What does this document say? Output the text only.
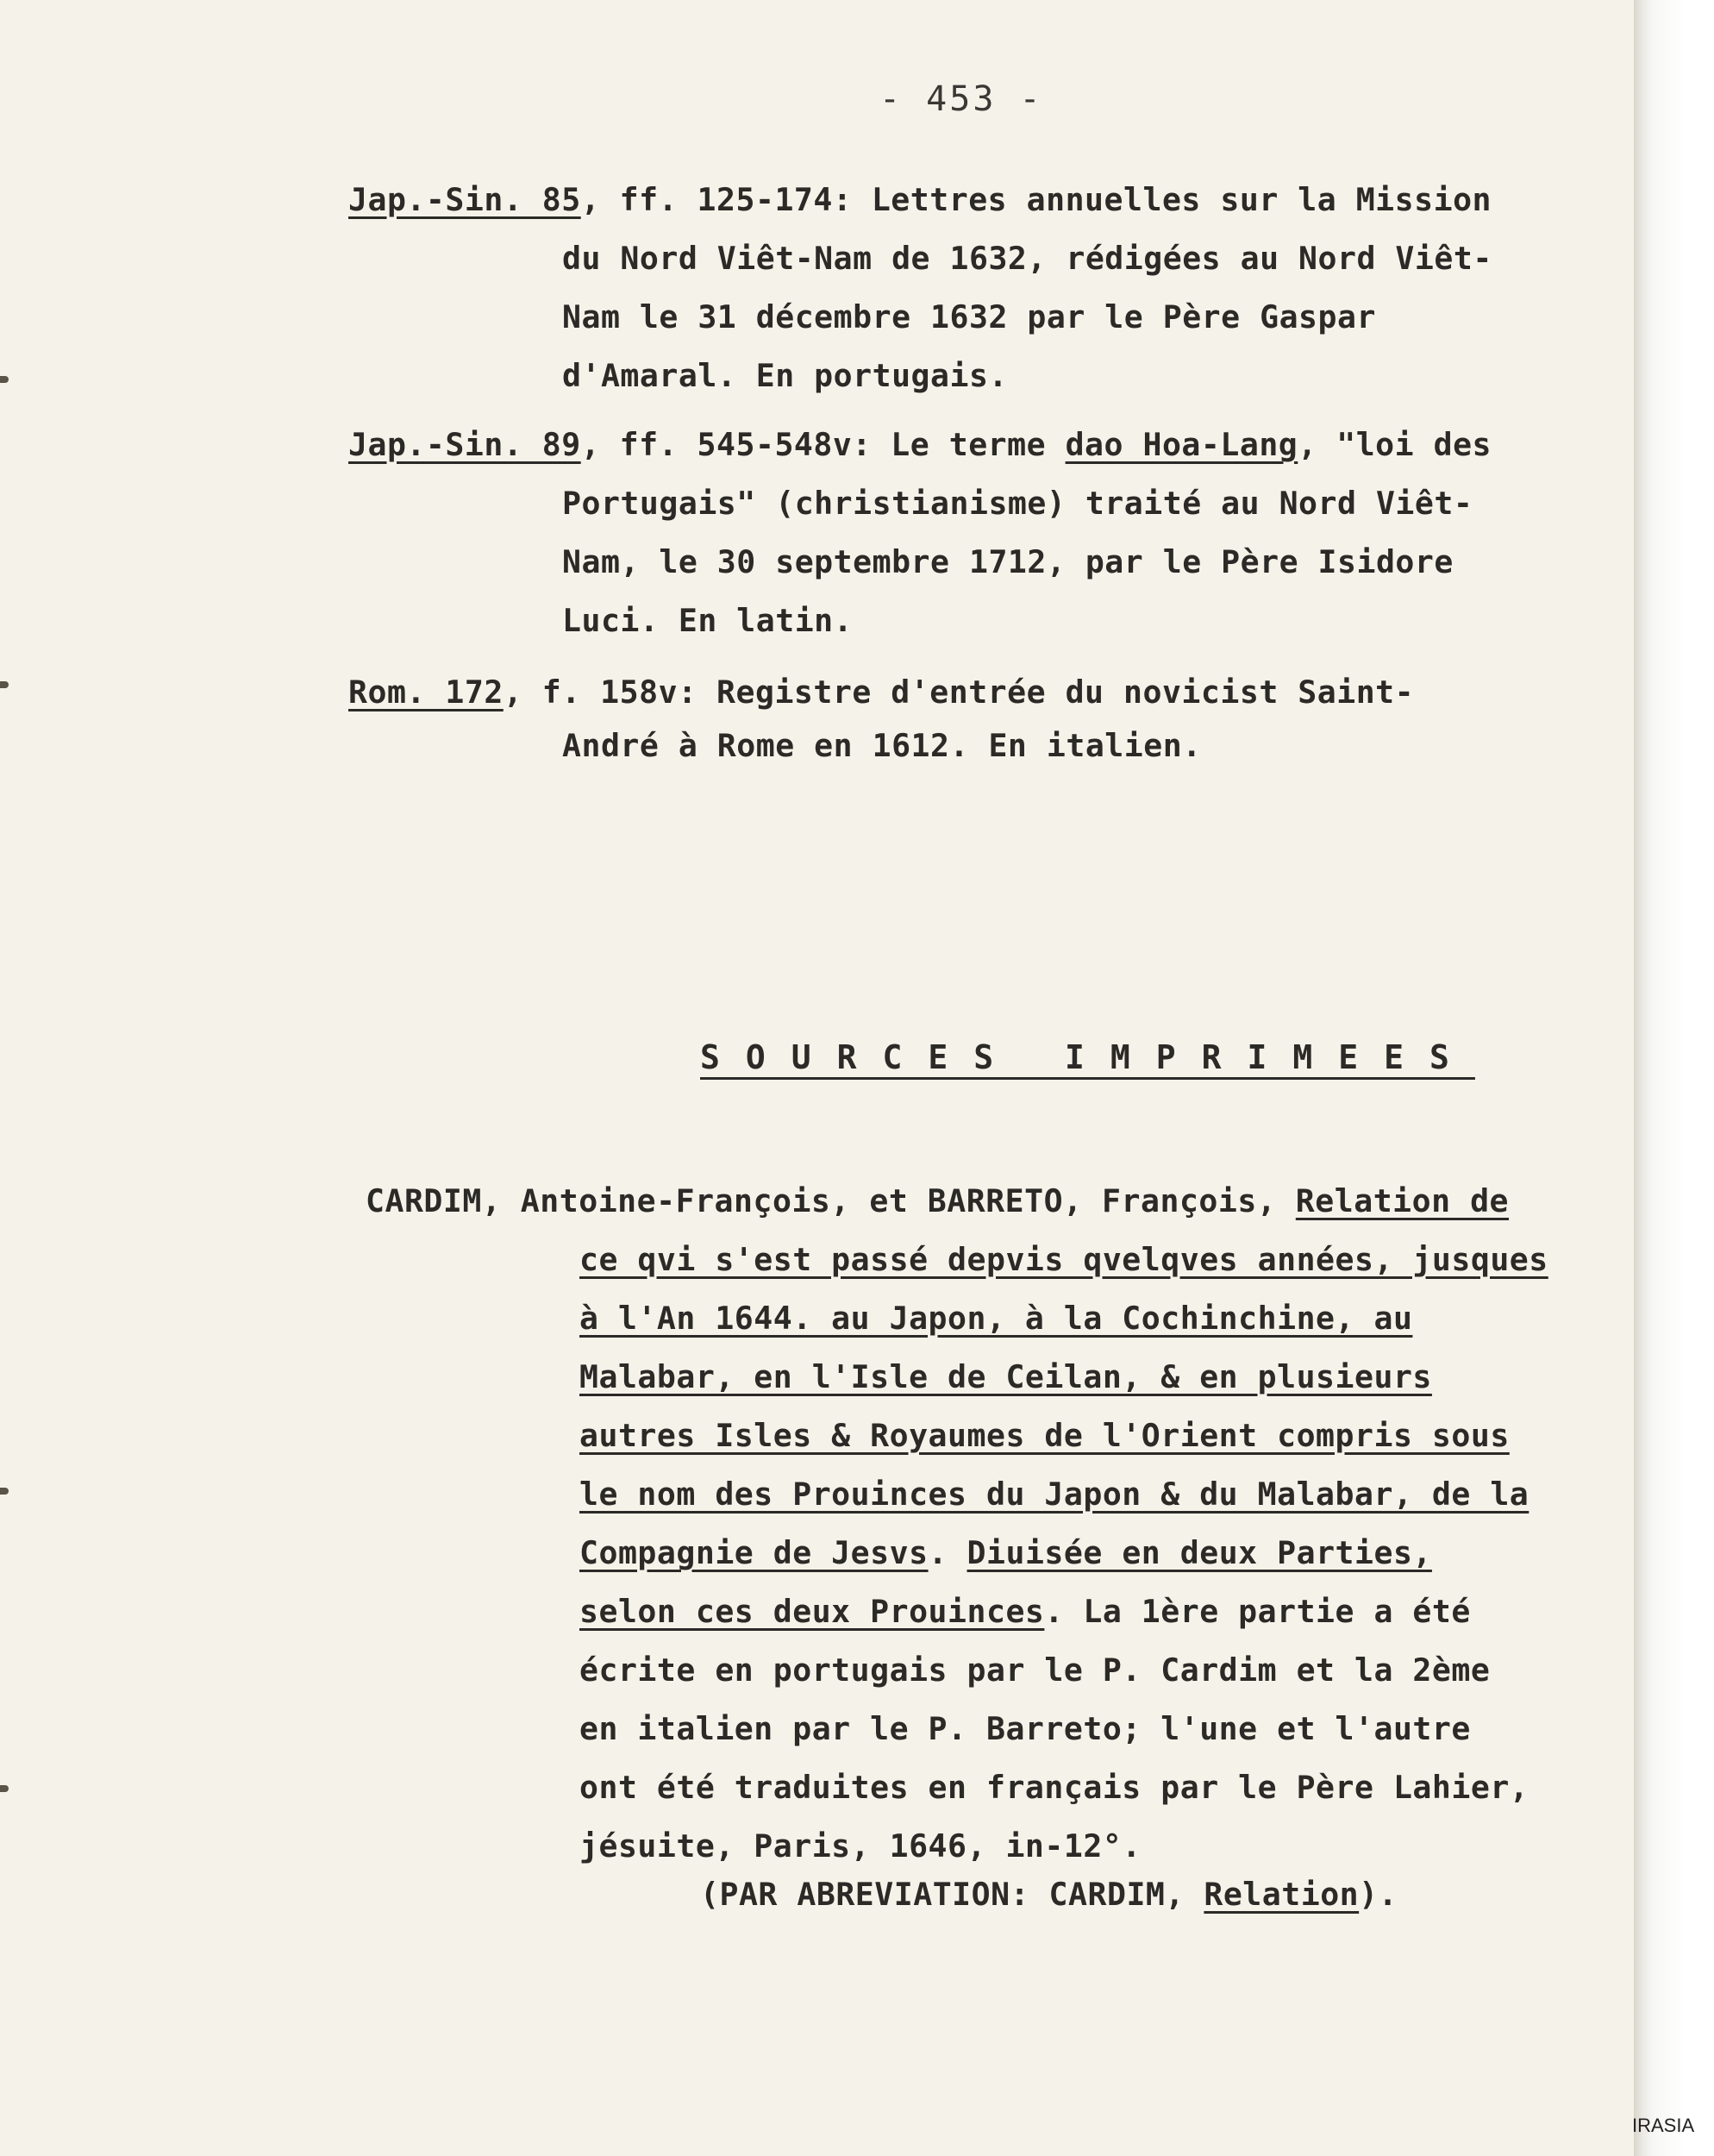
- 453 -
Jap.-Sin. 85, ff. 125-174: Lettres annuelles sur la Mission
du Nord Viêt-Nam de 1632, rédigées au Nord Viêt-
Nam le 31 décembre 1632 par le Père Gaspar
d'Amaral. En portugais.
Jap.-Sin. 89, ff. 545-548v: Le terme dao Hoa-Lang, "loi des
Portugais" (christianisme) traité au Nord Viêt-
Nam, le 30 septembre 1712, par le Père Isidore
Luci. En latin.
Rom. 172, f. 158v: Registre d'entrée du novicist Saint-
André à Rome en 1612. En italien.
SOURCES IMPRIMEES
CARDIM, Antoine-François, et BARRETO, François, Relation de
ce qvi s'est passé depvis qvelqves années, jusques
à l'An 1644. au Japon, à la Cochinchine, au
Malabar, en l'Isle de Ceilan, & en plusieurs
autres Isles & Royaumes de l'Orient compris sous
le nom des Prouinces du Japon & du Malabar, de la
Compagnie de Jesvs. Diuisée en deux Parties,
selon ces deux Prouinces. La 1ère partie a été
écrite en portugais par le P. Cardim et la 2ème
en italien par le P. Barreto; l'une et l'autre
ont été traduites en français par le Père Lahier,
jésuite, Paris, 1646, in-12°.
(PAR ABREVIATION: CARDIM, Relation).
IRASIA
